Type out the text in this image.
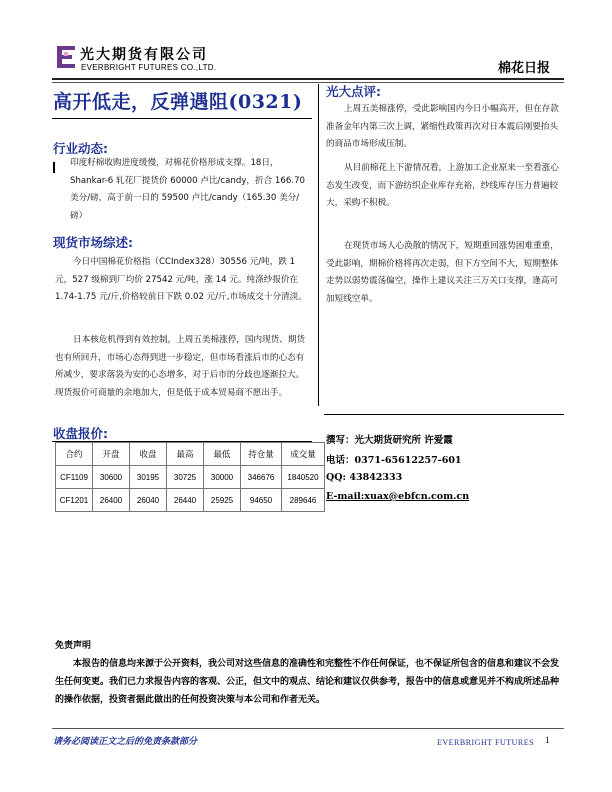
光大期货有限公司
EVERBRIGHT FUTURES CO.,LTD.	棉花日报
高开低走，反弹遇阻(0321)
行业动态:
印度籽棉收购进度缓慢，对棉花价格形成支撑。18日，Shankar-6 轧花厂提货价 60000 卢比/candy，折合 166.70 美分/磅，高于前一日的 59500 卢比/candy（165.30 美分/磅）
现货市场综述:
今日中国棉花价格指（CCIndex328）30556 元/吨，跌 1 元，527 级棉到厂均价 27542 元/吨，涨 14 元。纯涤纱报价在 1.74-1.75 元/斤,价格较前日下跌 0.02 元/斤,市场成交十分清淡。
日本核危机得到有效控制，上周五美棉涨停，国内现货、期货也有所回升，市场心态得到进一步稳定，但市场看涨后市的心态有所减少，要求落袋为安的心态增多，对于后市的分歧也逐渐拉大。现货报价可商量的余地加大，但是低于成本贸易商不愿出手。
收盘报价:
合约	开盘	收盘	最高	最低	持仓量	成交量
CF1109	30600	30195	30725	30000	346676	1840520
CF1201	26400	26040	26440	25925	94650	289646
光大点评:
上周五美棉涨停，受此影响国内今日小幅高开，但在存款准备金年内第三次上调，紧缩性政策再次对日本震后刚要抬头的商品市场形成压制。
从目前棉花上下游情况看，上游加工企业原来一至看涨心态发生改变，而下游纺织企业库存充裕，纱线库存压力普遍较大，采购不积极。
在现货市场人心涣散的情况下，短期重回涨势困难重重，受此影响，期棉价格将再次走弱，但下方空间不大，短期整体走势以弱势震荡偏空，操作上建议关注三万关口支撑，逢高可加短线空单。
撰写：光大期货研究所 许爱霞
电话：0371-65612257-601
QQ: 43842333
E-mail:xuax@ebfcn.com.cn
免责声明
本报告的信息均来源于公开资料，我公司对这些信息的准确性和完整性不作任何保证，也不保证所包含的信息和建议不会发生任何变更。我们已力求报告内容的客观、公正，但文中的观点、结论和建议仅供参考，报告中的信息或意见并不构成所述品种的操作依据，投资者据此做出的任何投资决策与本公司和作者无关。
请务必阅读正文之后的免责条款部分	EVERBRIGHT FUTURES 1
